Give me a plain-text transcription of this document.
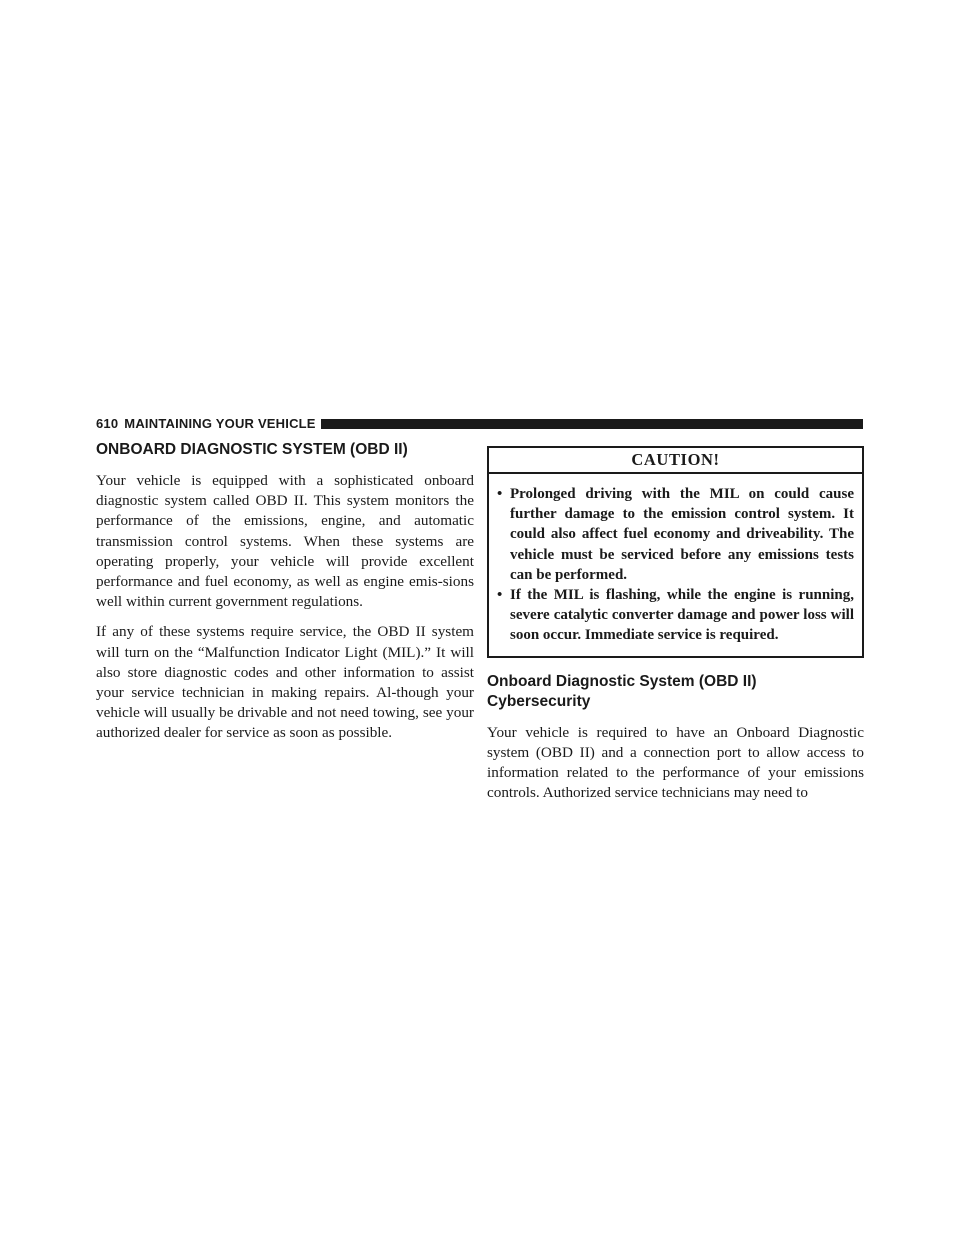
610 MAINTAINING YOUR VEHICLE
ONBOARD DIAGNOSTIC SYSTEM (OBD II)

Your vehicle is equipped with a sophisticated onboard diagnostic system called OBD II. This system monitors the performance of the emissions, engine, and automatic transmission control systems. When these systems are operating properly, your vehicle will provide excellent performance and fuel economy, as well as engine emis-sions well within current government regulations.

If any of these systems require service, the OBD II system will turn on the “Malfunction Indicator Light (MIL).” It will also store diagnostic codes and other information to assist your service technician in making repairs. Al-though your vehicle will usually be drivable and not need towing, see your authorized dealer for service as soon as possible.

CAUTION!
• Prolonged driving with the MIL on could cause further damage to the emission control system. It could also affect fuel economy and driveability. The vehicle must be serviced before any emissions tests can be performed.
• If the MIL is flashing, while the engine is running, severe catalytic converter damage and power loss will soon occur. Immediate service is required.
Onboard Diagnostic System (OBD II)
Cybersecurity

Your vehicle is required to have an Onboard Diagnostic system (OBD II) and a connection port to allow access to information related to the performance of your emissions controls. Authorized service technicians may need to
